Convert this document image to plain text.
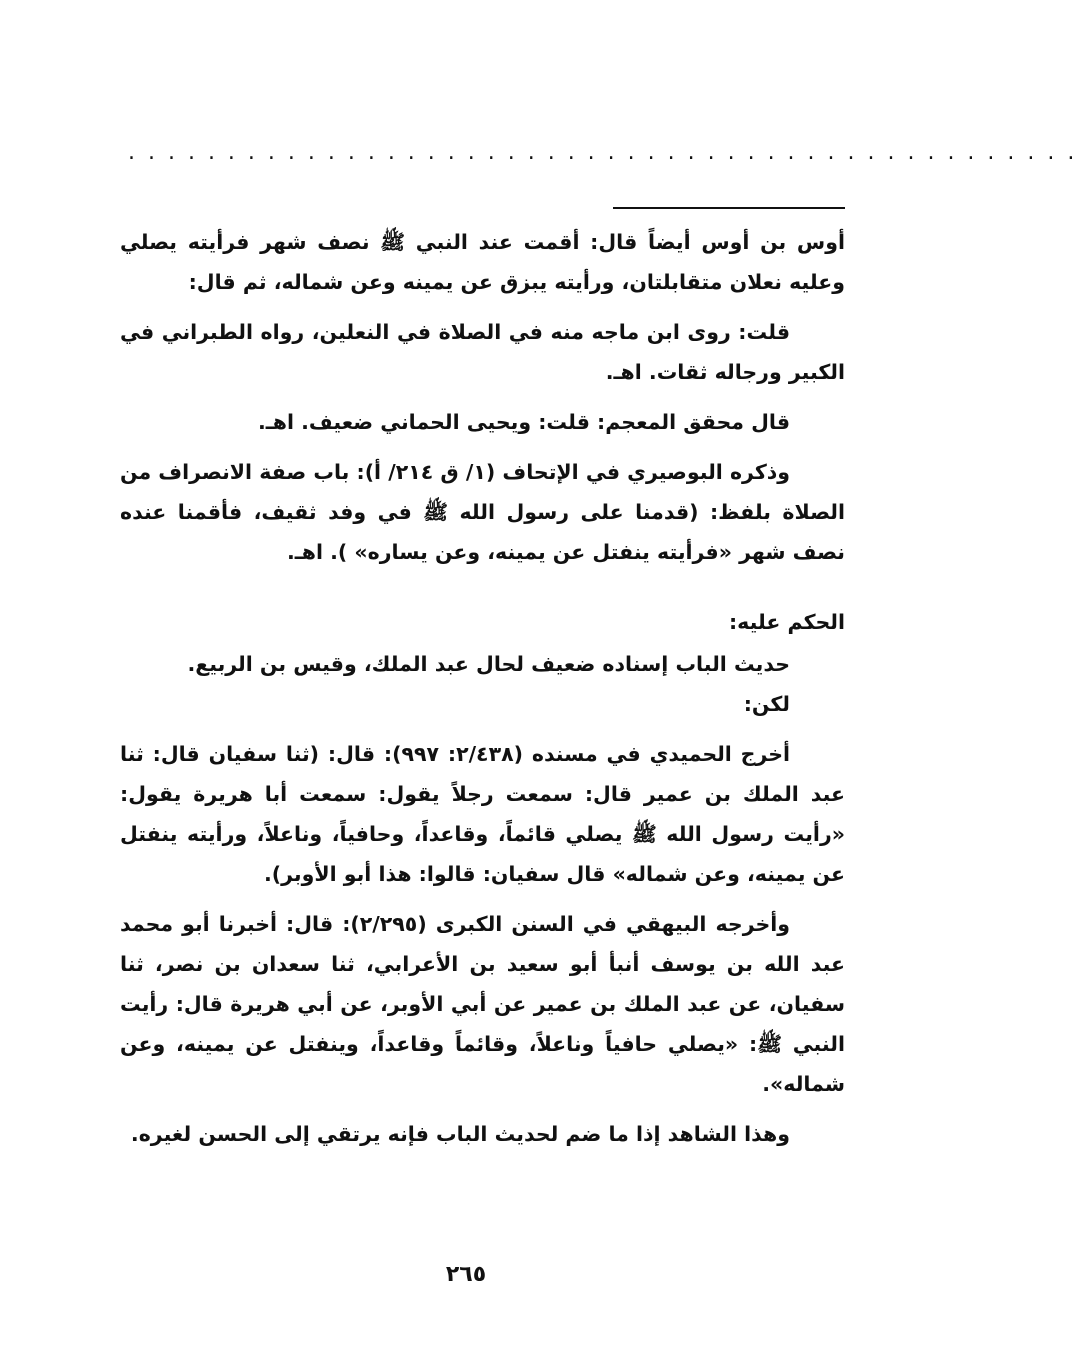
. . . . . . . . . . . . . . . . . . . . . . . . . . . . . . . . . . . . . . . . . . . . . . . .

أوس بن أوس أيضاً قال: أقمت عند النبي ﷺ نصف شهر فرأيته يصلي وعليه نعلان متقابلتان، ورأيته يبزق عن يمينه وعن شماله، ثم قال:

قلت: روى ابن ماجه منه في الصلاة في النعلين، رواه الطبراني في الكبير ورجاله ثقات. اهـ.

قال محقق المعجم: قلت: ويحيى الحماني ضعيف. اهـ.

وذكره البوصيري في الإتحاف (١/ ق ٢١٤/ أ): باب صفة الانصراف من الصلاة بلفظ: (قدمنا على رسول الله ﷺ في وفد ثقيف، فأقمنا عنده نصف شهر «فرأيته ينفتل عن يمينه، وعن يساره» ). اهـ.

الحكم عليه:

حديث الباب إسناده ضعيف لحال عبد الملك، وقيس بن الربيع.

لكن:

أخرج الحميدي في مسنده (٢/٤٣٨: ٩٩٧): قال: (ثنا سفيان قال: ثنا عبد الملك بن عمير قال: سمعت رجلاً يقول: سمعت أبا هريرة يقول: «رأيت رسول الله ﷺ يصلي قائماً، وقاعداً، وحافياً، وناعلاً، ورأيته ينفتل عن يمينه، وعن شماله» قال سفيان: قالوا: هذا أبو الأوبر).

وأخرجه البيهقي في السنن الكبرى (٢/٢٩٥): قال: أخبرنا أبو محمد عبد الله بن يوسف أنبأ أبو سعيد بن الأعرابي، ثنا سعدان بن نصر، ثنا سفيان، عن عبد الملك بن عمير عن أبي الأوبر، عن أبي هريرة قال: رأيت النبي ﷺ: «يصلي حافياً وناعلاً، وقائماً وقاعداً، وينفتل عن يمينه، وعن شماله».

وهذا الشاهد إذا ما ضم لحديث الباب فإنه يرتقي إلى الحسن لغيره.

٢٦٥
